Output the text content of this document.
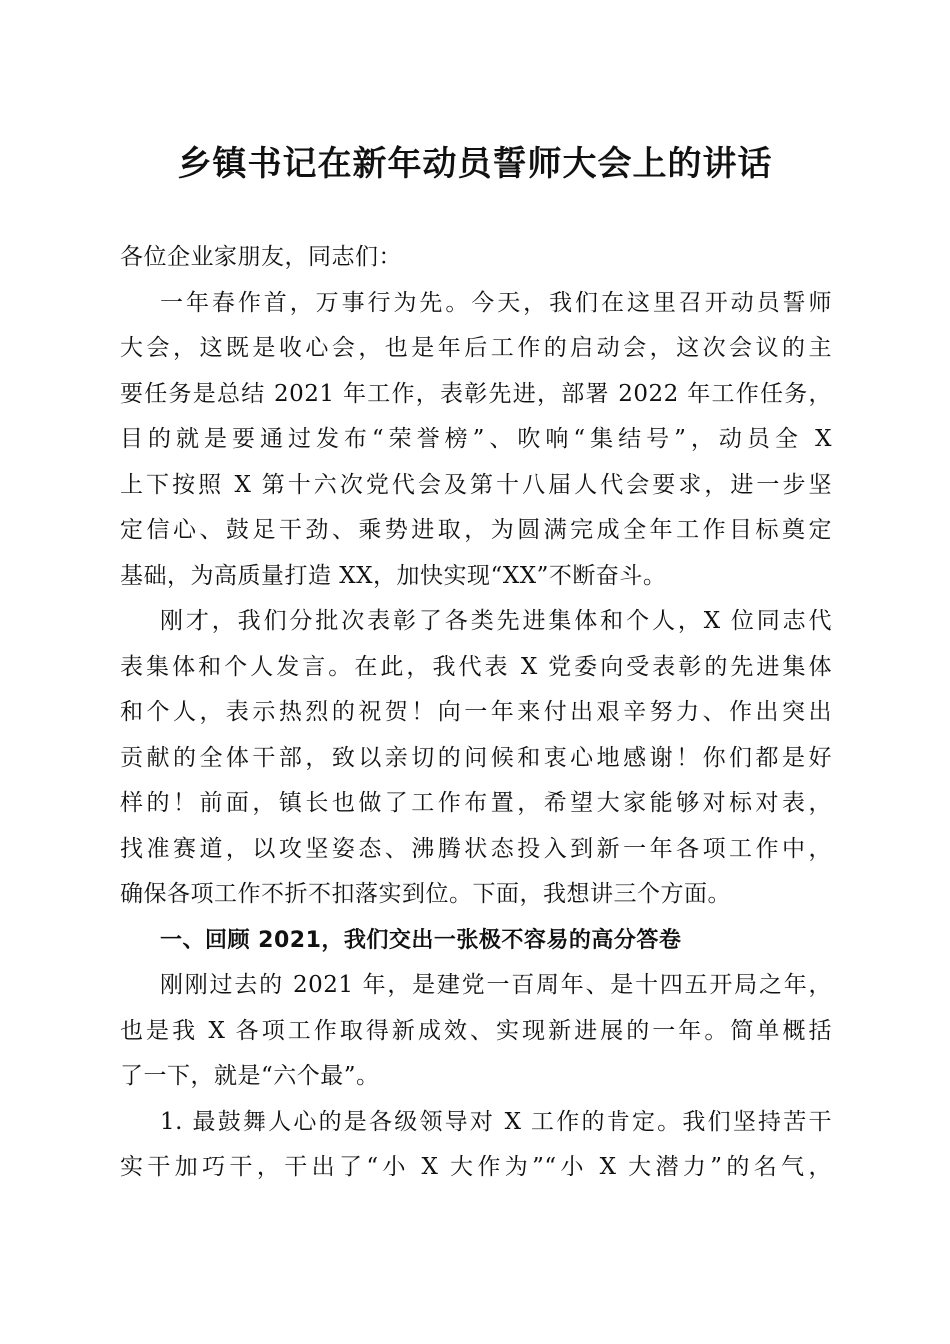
乡镇书记在新年动员誓师大会上的讲话
各位企业家朋友，同志们：
一年春作首，万事行为先。今天，我们在这里召开动员誓师
大会，这既是收心会，也是年后工作的启动会，这次会议的主
要任务是总结 2021 年工作，表彰先进，部署 2022 年工作任务，
目的就是要通过发布“荣誉榜”、吹响“集结号”，动员全 X
上下按照 X 第十六次党代会及第十八届人代会要求，进一步坚
定信心、鼓足干劲、乘势进取，为圆满完成全年工作目标奠定
基础，为高质量打造 XX，加快实现“XX”不断奋斗。
刚才，我们分批次表彰了各类先进集体和个人，X 位同志代
表集体和个人发言。在此，我代表 X 党委向受表彰的先进集体
和个人，表示热烈的祝贺！向一年来付出艰辛努力、作出突出
贡献的全体干部，致以亲切的问候和衷心地感谢！你们都是好
样的！前面，镇长也做了工作布置，希望大家能够对标对表，
找准赛道，以攻坚姿态、沸腾状态投入到新一年各项工作中，
确保各项工作不折不扣落实到位。下面，我想讲三个方面。
一、回顾 2021，我们交出一张极不容易的高分答卷
刚刚过去的 2021 年，是建党一百周年、是十四五开局之年，
也是我 X 各项工作取得新成效、实现新进展的一年。简单概括
了一下，就是“六个最”。
1. 最鼓舞人心的是各级领导对 X 工作的肯定。我们坚持苦干
实干加巧干，干出了“小 X 大作为”“小 X 大潜力”的名气，
